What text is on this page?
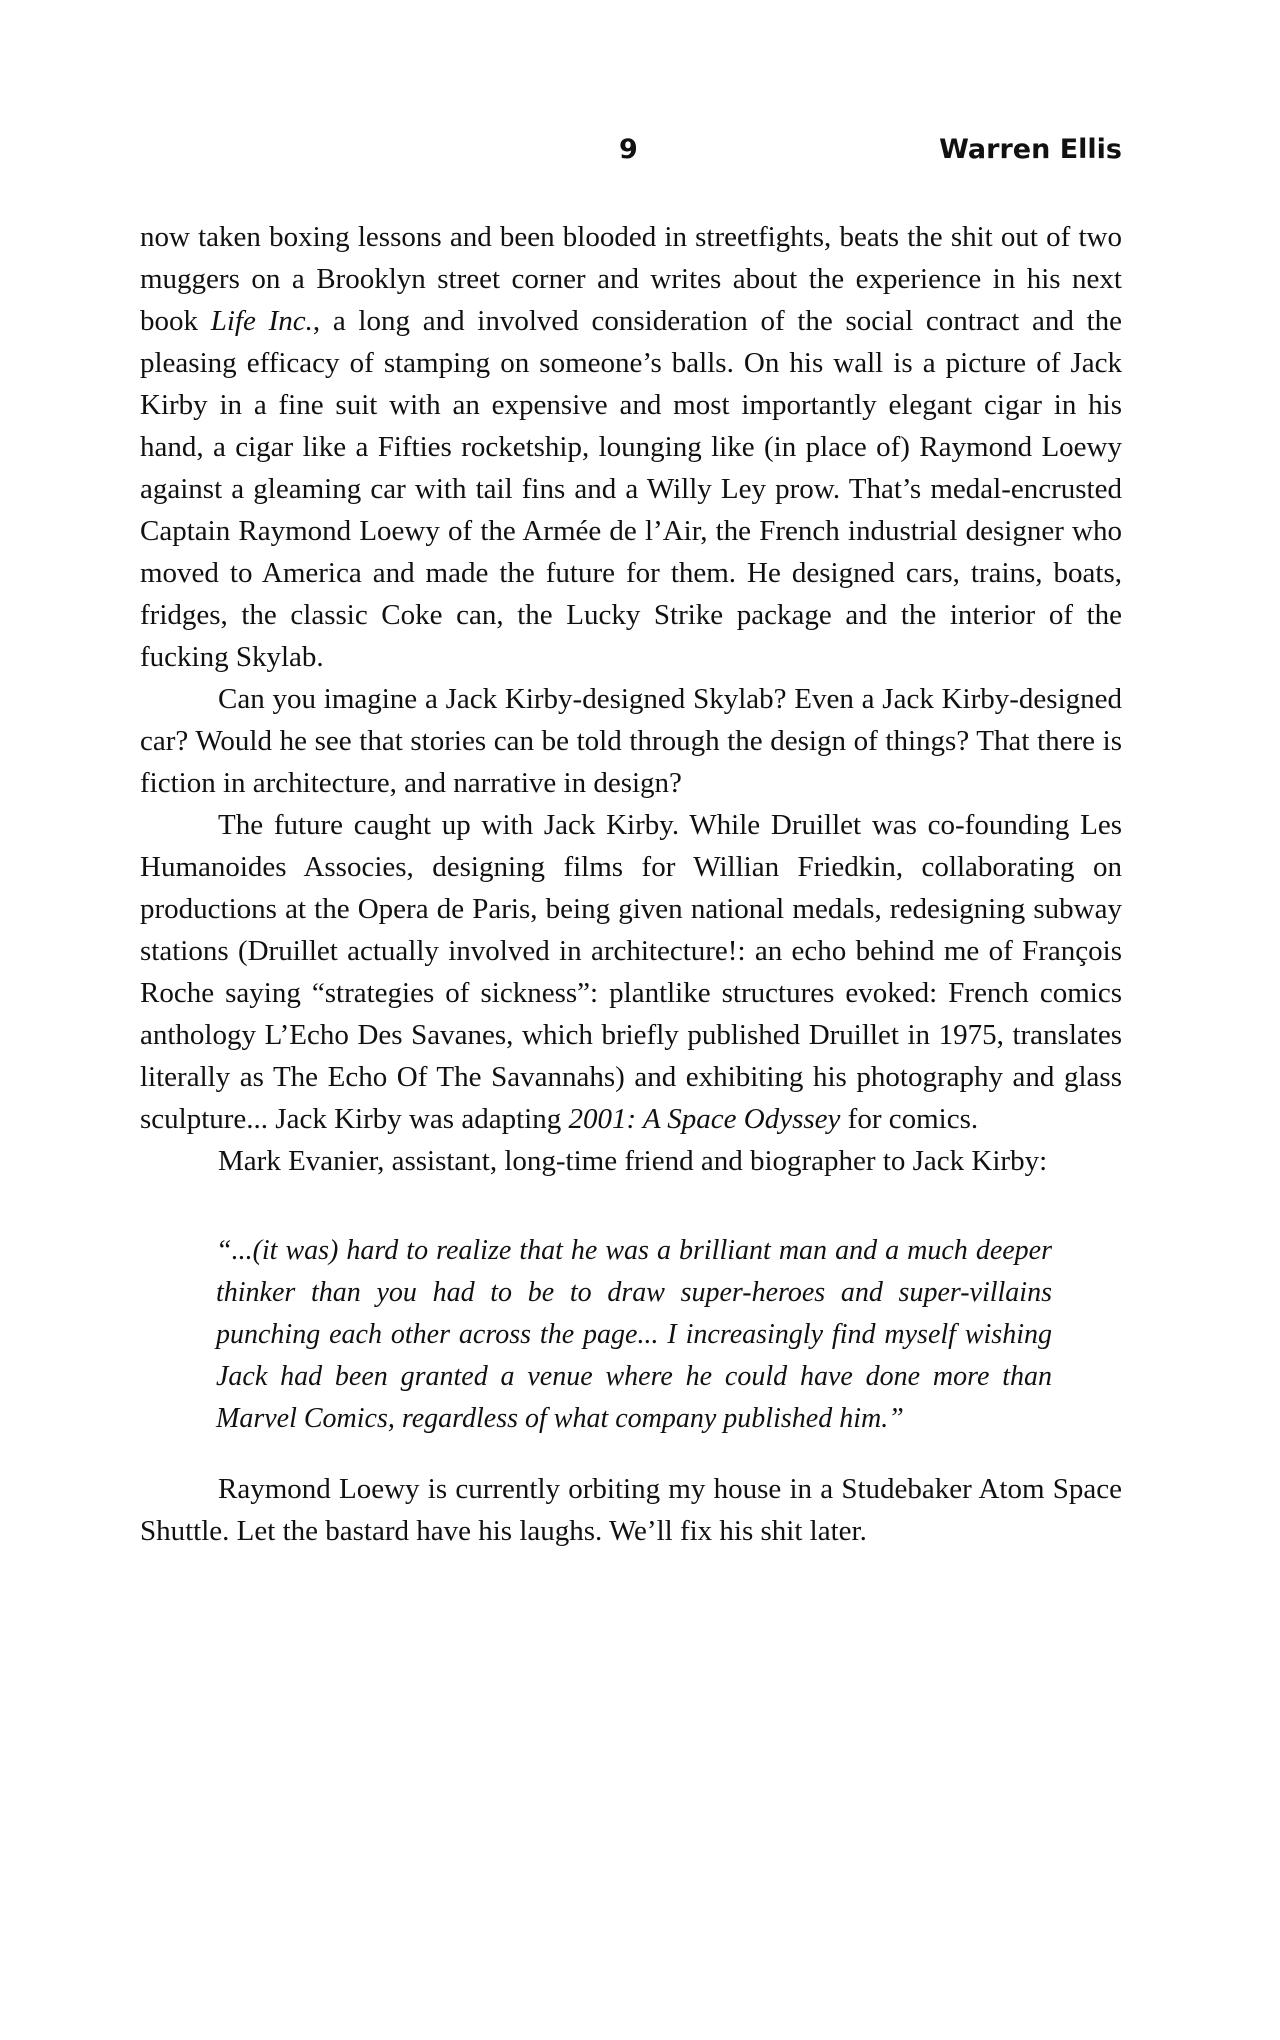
9	Warren Ellis

now taken boxing lessons and been blooded in streetfights, beats the shit out of two muggers on a Brooklyn street corner and writes about the experience in his next book Life Inc., a long and involved consideration of the social contract and the pleasing efficacy of stamping on someone’s balls. On his wall is a picture of Jack Kirby in a fine suit with an expensive and most importantly elegant cigar in his hand, a cigar like a Fifties rocketship, lounging like (in place of) Raymond Loewy against a gleaming car with tail fins and a Willy Ley prow. That’s medal-encrusted Captain Raymond Loewy of the Armée de l’Air, the French industrial designer who moved to America and made the future for them. He designed cars, trains, boats, fridges, the classic Coke can, the Lucky Strike package and the interior of the fucking Skylab.

Can you imagine a Jack Kirby-designed Skylab? Even a Jack Kirby-designed car? Would he see that stories can be told through the design of things? That there is fiction in architecture, and narrative in design?

The future caught up with Jack Kirby. While Druillet was co-founding Les Humanoides Associes, designing films for Willian Friedkin, collaborating on productions at the Opera de Paris, being given national medals, redesigning subway stations (Druillet actually involved in architecture!: an echo behind me of François Roche saying “strategies of sickness”: plantlike structures evoked: French comics anthology L’Echo Des Savanes, which briefly published Druillet in 1975, translates literally as The Echo Of The Savannahs) and exhibiting his photography and glass sculpture... Jack Kirby was adapting 2001: A Space Odyssey for comics.

Mark Evanier, assistant, long-time friend and biographer to Jack Kirby:

“...(it was) hard to realize that he was a brilliant man and a much deeper thinker than you had to be to draw super-heroes and super-villains punching each other across the page... I increasingly find myself wishing Jack had been granted a venue where he could have done more than Marvel Comics, regardless of what company published him.”

Raymond Loewy is currently orbiting my house in a Studebaker Atom Space Shuttle. Let the bastard have his laughs. We’ll fix his shit later.
